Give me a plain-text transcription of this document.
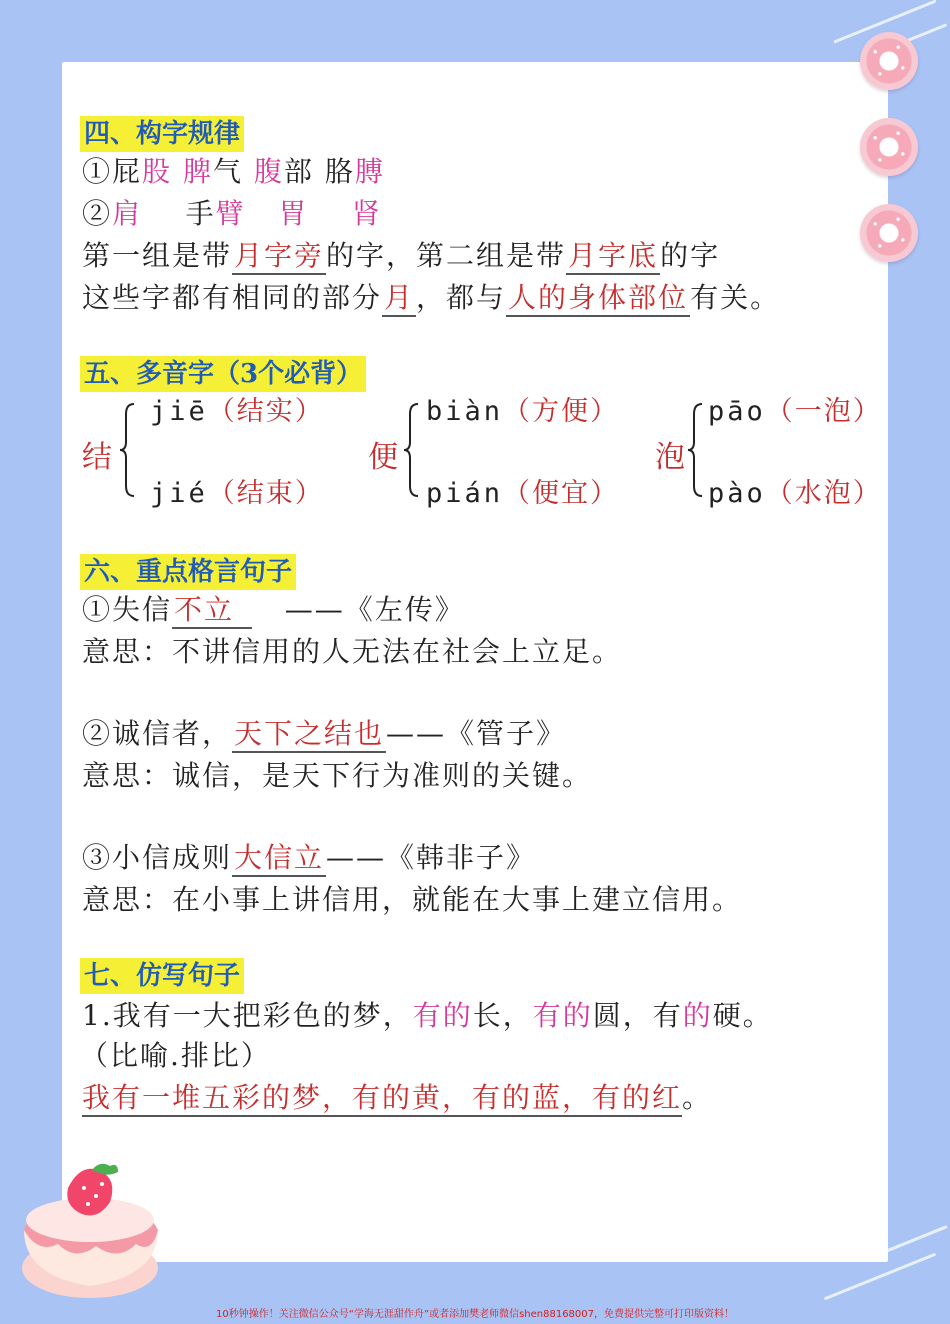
四、构字规律
①屁股 脾气 腹部 胳膊
②肩 手臂 胃 肾
第一组是带月字旁的字，第二组是带月字底的字
这些字都有相同的部分月，都与人的身体部位有关。
五、多音字（3个必背）
结
jiē（结实）
jié（结束）
便
biàn（方便）
pián（便宜）
泡
pāo（一泡）
pào（水泡）
六、重点格言句子
①失信不立 ——《左传》
意思：不讲信用的人无法在社会上立足。
②诚信者，天下之结也——《管子》
意思：诚信，是天下行为准则的关键。
③小信成则大信立——《韩非子》
意思：在小事上讲信用，就能在大事上建立信用。
七、仿写句子
1.我有一大把彩色的梦，有的长，有的圆，有的硬。
（比喻.排比）
我有一堆五彩的梦，有的黄，有的蓝，有的红。
10秒钟操作！关注微信公众号“学海无涯甜作舟”或者添加樊老师微信shen88168007，免费提供完整可打印版资料！
